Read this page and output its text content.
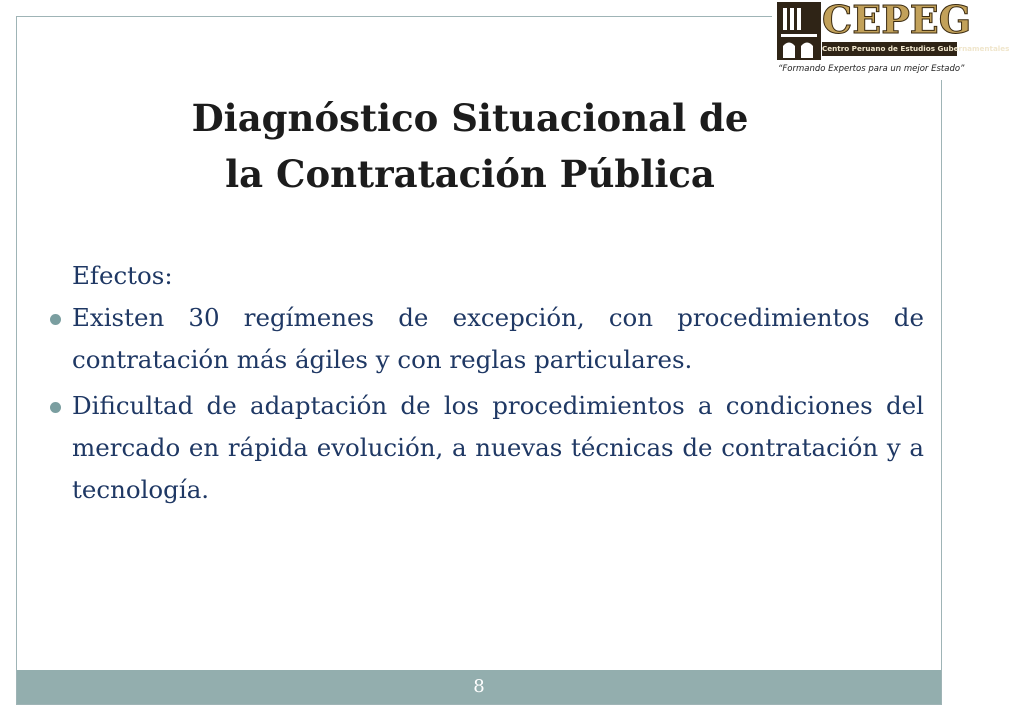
CEPEG
Centro Peruano de Estudios Gubernamentales
“Formando Expertos para un mejor Estado”
Diagnóstico Situacional de
la Contratación Pública

Efectos:

Existen 30 regímenes de excepción, con procedimientos de contratación más ágiles y con reglas particulares.
Dificultad de adaptación de los procedimientos a condiciones del mercado en rápida evolución, a nuevas técnicas de contratación y a tecnología.
8
